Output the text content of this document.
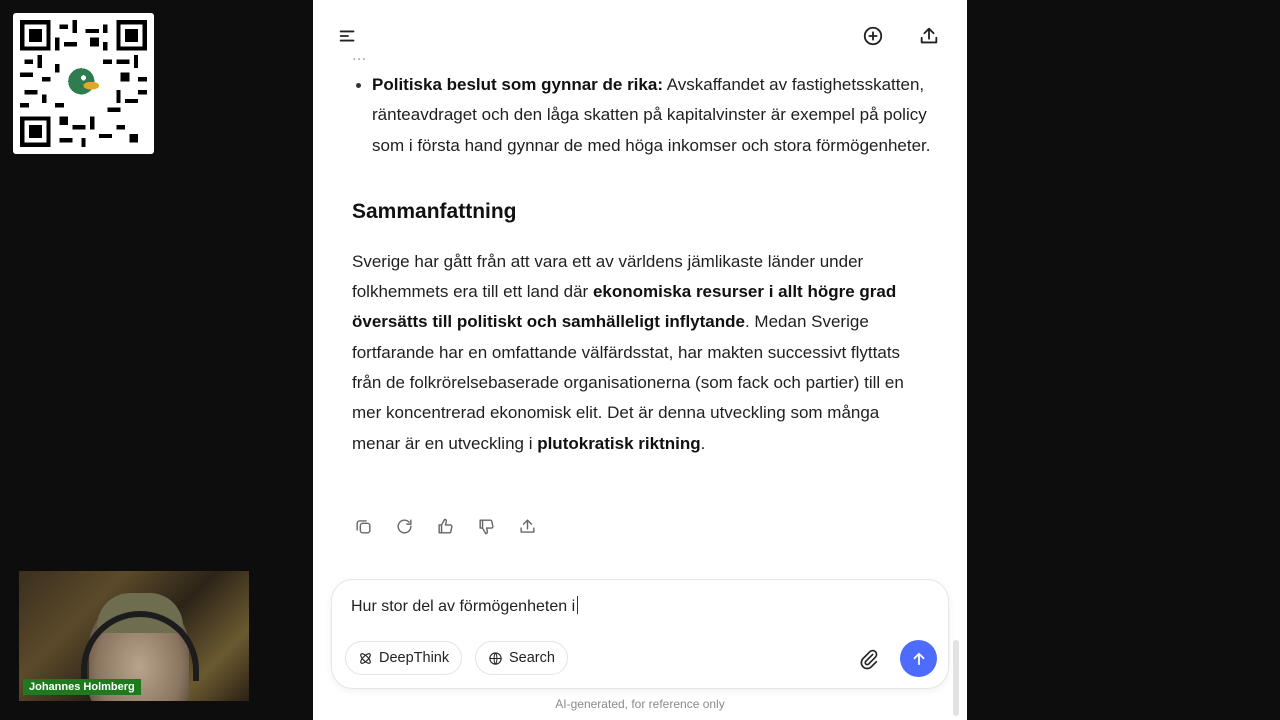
Johannes Holmberg
...
Politiska beslut som gynnar de rika: Avskaffandet av fastighetsskatten, ränteavdraget och den låga skatten på kapitalvinster är exempel på policy som i första hand gynnar de med höga inkomser och stora förmögenheter.
Sammanfattning

Sverige har gått från att vara ett av världens jämlikaste länder under folkhemmets era till ett land där ekonomiska resurser i allt högre grad översätts till politiskt och samhälleligt inflytande. Medan Sverige fortfarande har en omfattande välfärdsstat, har makten successivt flyttats från de folkrörelsebaserade organisationerna (som fack och partier) till en mer koncentrerad ekonomisk elit. Det är denna utveckling som många menar är en utveckling i plutokratisk riktning.

Hur stor del av förmögenheten i
DeepThink	Search
AI-generated, for reference only
